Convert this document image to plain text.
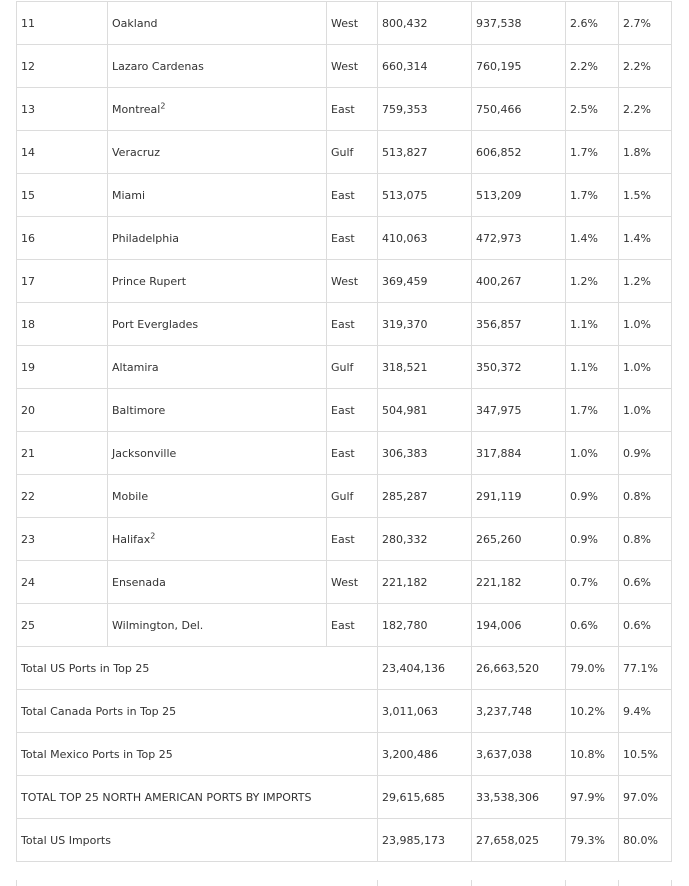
11	Oakland	West	800,432	937,538	2.6%	2.7%
12	Lazaro Cardenas	West	660,314	760,195	2.2%	2.2%
13	Montreal$^2$	East	759,353	750,466	2.5%	2.2%
14	Veracruz	Gulf	513,827	606,852	1.7%	1.8%
15	Miami	East	513,075	513,209	1.7%	1.5%
16	Philadelphia	East	410,063	472,973	1.4%	1.4%
17	Prince Rupert	West	369,459	400,267	1.2%	1.2%
18	Port Everglades	East	319,370	356,857	1.1%	1.0%
19	Altamira	Gulf	318,521	350,372	1.1%	1.0%
20	Baltimore	East	504,981	347,975	1.7%	1.0%
21	Jacksonville	East	306,383	317,884	1.0%	0.9%
22	Mobile	Gulf	285,287	291,119	0.9%	0.8%
23	Halifax$^2$	East	280,332	265,260	0.9%	0.8%
24	Ensenada	West	221,182	221,182	0.7%	0.6%
25	Wilmington, Del.	East	182,780	194,006	0.6%	0.6%
Total US Ports in Top 25			23,404,136	26,663,520	79.0%	77.1%
Total Canada Ports in Top 25			3,011,063	3,237,748	10.2%	9.4%
Total Mexico Ports in Top 25			3,200,486	3,637,038	10.8%	10.5%
TOTAL TOP 25 NORTH AMERICAN PORTS BY IMPORTS			29,615,685	33,538,306	97.9%	97.0%
Total US Imports			23,985,173	27,658,025	79.3%	80.0%
